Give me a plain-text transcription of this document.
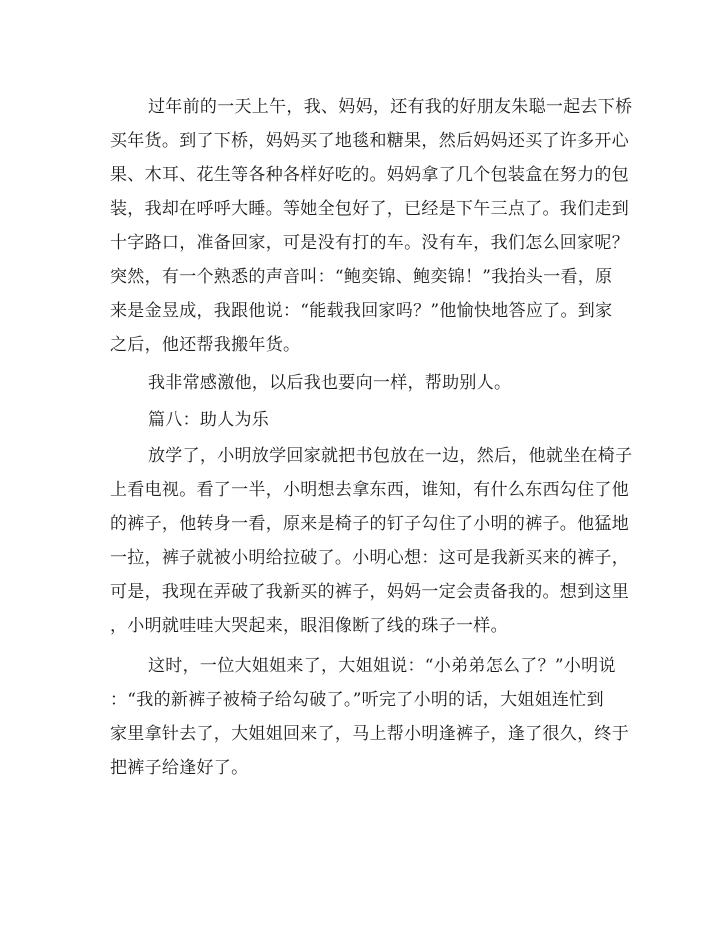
过年前的一天上午，我、妈妈，还有我的好朋友朱聪一起去下桥
买年货。到了下桥，妈妈买了地毯和糖果，然后妈妈还买了许多开心
果、木耳、花生等各种各样好吃的。妈妈拿了几个包装盒在努力的包
装，我却在呼呼大睡。等她全包好了，已经是下午三点了。我们走到
十字路口，准备回家，可是没有打的车。没有车，我们怎么回家呢？
突然，有一个熟悉的声音叫：“鲍奕锦、鲍奕锦！”我抬头一看，原
来是金昱成，我跟他说：“能载我回家吗？”他愉快地答应了。到家
之后，他还帮我搬年货。
我非常感激他，以后我也要向一样，帮助别人。
篇八：助人为乐
放学了，小明放学回家就把书包放在一边，然后，他就坐在椅子
上看电视。看了一半，小明想去拿东西，谁知，有什么东西勾住了他
的裤子，他转身一看，原来是椅子的钉子勾住了小明的裤子。他猛地
一拉，裤子就被小明给拉破了。小明心想：这可是我新买来的裤子，
可是，我现在弄破了我新买的裤子，妈妈一定会责备我的。想到这里
，小明就哇哇大哭起来，眼泪像断了线的珠子一样。
这时，一位大姐姐来了，大姐姐说：“小弟弟怎么了？”小明说
：“我的新裤子被椅子给勾破了。”听完了小明的话，大姐姐连忙到
家里拿针去了，大姐姐回来了，马上帮小明逢裤子，逢了很久，终于
把裤子给逢好了。
